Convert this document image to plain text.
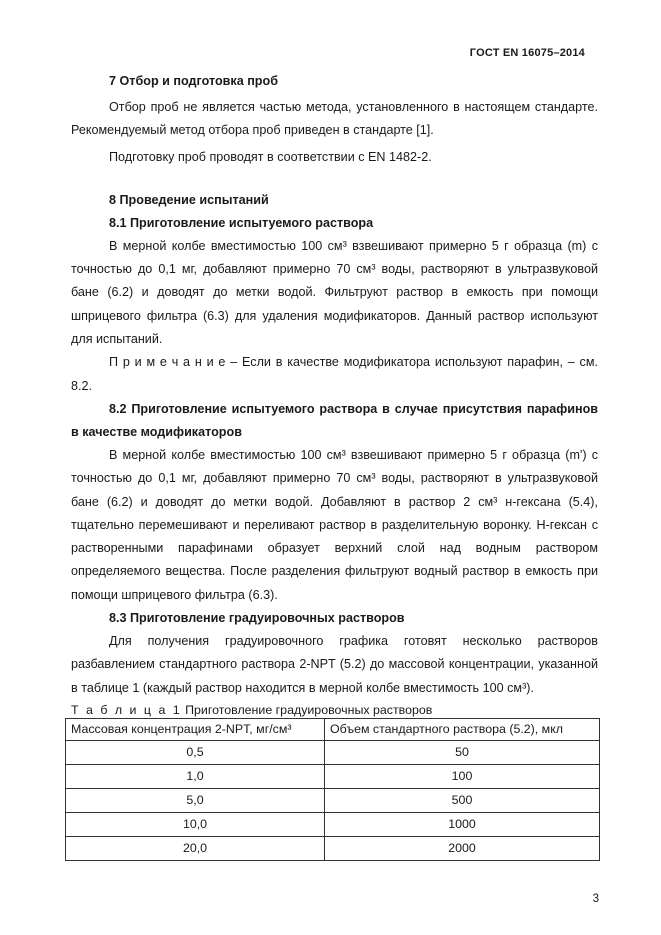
ГОСТ EN 16075–2014
7 Отбор и подготовка проб

Отбор проб не является частью метода, установленного в настоящем стандарте. Рекомендуемый метод отбора проб приведен в стандарте [1].

Подготовку проб проводят в соответствии с EN 1482-2.

8 Проведение испытаний
8.1 Приготовление испытуемого раствора

В мерной колбе вместимостью 100 см³ взвешивают примерно 5 г образца (m) с точностью до 0,1 мг, добавляют примерно 70 см³ воды, растворяют в ультразвуковой бане (6.2) и доводят до метки водой. Фильтруют раствор в емкость при помощи шприцевого фильтра (6.3) для удаления модификаторов. Данный раствор используют для испытаний.

П р и м е ч а н и е – Если в качестве модификатора используют парафин, – см. 8.2.

8.2 Приготовление испытуемого раствора в случае присутствия парафинов в качестве модификаторов

В мерной колбе вместимостью 100 см³ взвешивают примерно 5 г образца (m') с точностью до 0,1 мг, добавляют примерно 70 см³ воды, растворяют в ультразвуковой бане (6.2) и доводят до метки водой. Добавляют в раствор 2 см³ н-гексана (5.4), тщательно перемешивают и переливают раствор в разделительную воронку. Н-гексан с растворенными парафинами образует верхний слой над водным раствором определяемого вещества. После разделения фильтруют водный раствор в емкость при помощи шприцевого фильтра (6.3).

8.3 Приготовление градуировочных растворов

Для получения градуировочного графика готовят несколько растворов разбавлением стандартного раствора 2-NPT (5.2) до массовой концентрации, указанной в таблице 1 (каждый раствор находится в мерной колбе вместимость 100 см³).

Т а б л и ц а 1 Приготовление градуировочных растворов
Массовая концентрация 2-NPT, мг/см³	Объем стандартного раствора (5.2), мкл
0,5	50
1,0	100
5,0	500
10,0	1000
20,0	2000
3
